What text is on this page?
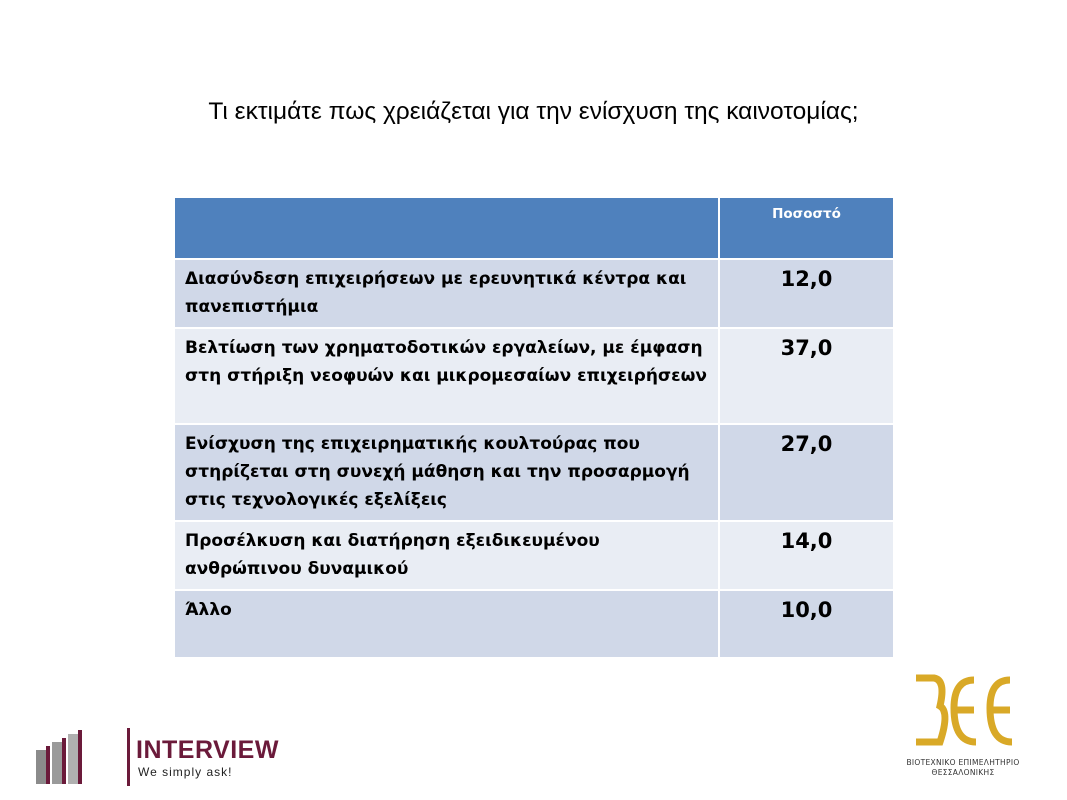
Τι εκτιμάτε πως χρειάζεται για την ενίσχυση της καινοτομίας;
	Ποσοστό
Διασύνδεση επιχειρήσεων με ερευνητικά κέντρα και πανεπιστήμια	12,0
Βελτίωση των χρηματοδοτικών εργαλείων, με έμφαση στη στήριξη νεοφυών και μικρομεσαίων επιχειρήσεων	37,0
Ενίσχυση της επιχειρηματικής κουλτούρας που στηρίζεται στη συνεχή μάθηση και την προσαρμογή στις τεχνολογικές εξελίξεις	27,0
Προσέλκυση και διατήρηση εξειδικευμένου ανθρώπινου δυναμικού	14,0
Άλλο	10,0
INTERVIEW
We simply ask!
ΒΙΟΤΕΧΝΙΚΟ ΕΠΙΜΕΛΗΤΗΡΙΟ
ΘΕΣΣΑΛΟΝΙΚΗΣ
